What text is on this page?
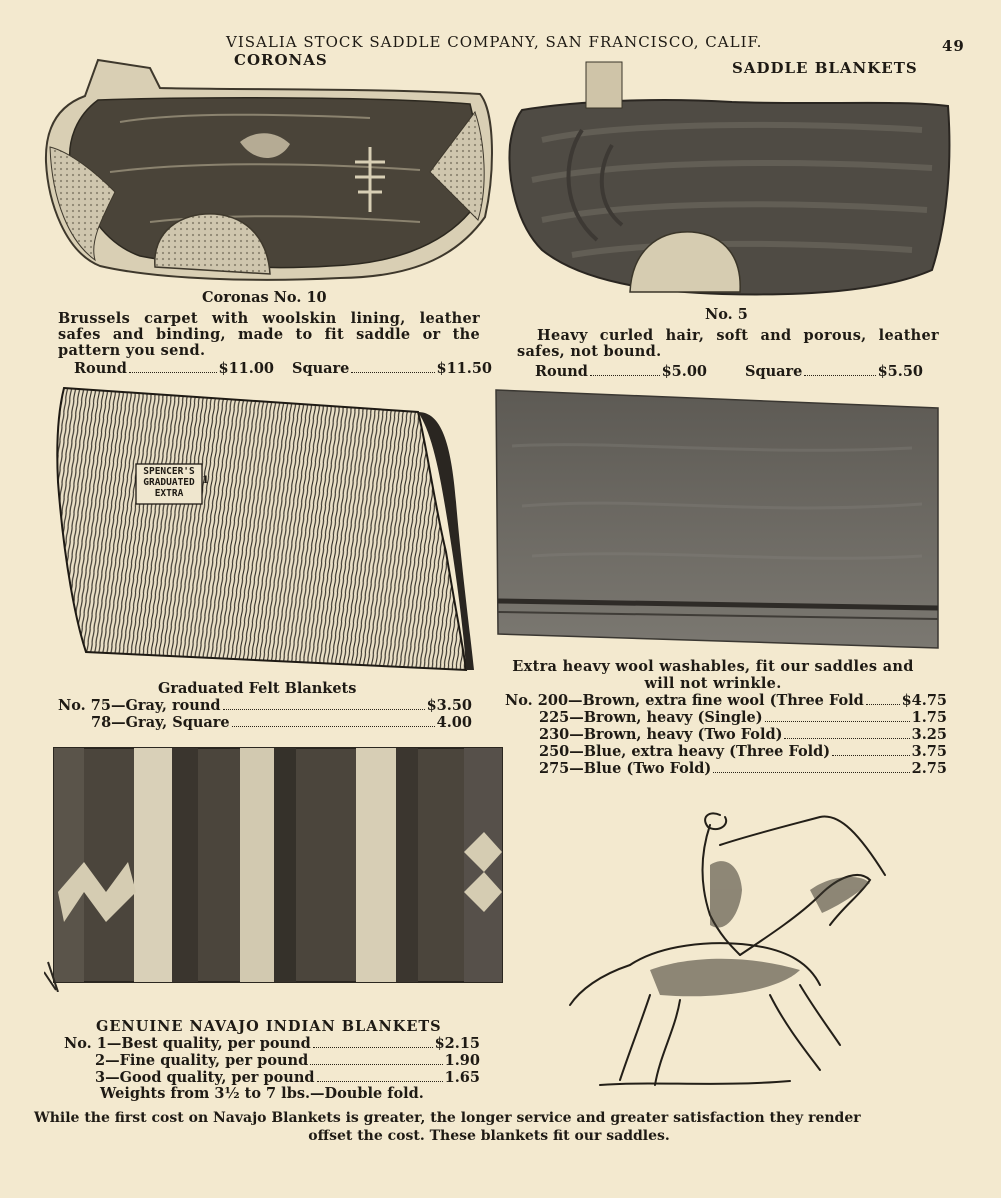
VISALIA STOCK SADDLE COMPANY, SAN FRANCISCO, CALIF.	49
CORONAS	SADDLE BLANKETS
Coronas No. 10
Brussels carpet with woolskin lining, leather safes and binding, made to fit saddle or the pattern you send.
Round	$11.00 Square	$11.50
No. 5
Heavy curled hair, soft and porous, leather safes, not bound.
Round	$5.00	Square	$5.50
SPENCER'S
GRADUATED
EXTRA
1
Graduated Felt Blankets
No. 75—Gray, round	$3.50
78—Gray, Square	4.00
Extra heavy wool washables, fit our saddles and
will not wrinkle.
No. 200—Brown, extra fine wool (Three Fold	$4.75
225—Brown, heavy (Single)	1.75
230—Brown, heavy (Two Fold)	3.25
250—Blue, extra heavy (Three Fold)	3.75
275—Blue (Two Fold)	2.75
GENUINE NAVAJO INDIAN BLANKETS
No. 1—Best quality, per pound	$2.15
2—Fine quality, per pound	1.90
3—Good quality, per pound	1.65
Weights from 3½ to 7 lbs.—Double fold.
While the first cost on Navajo Blankets is greater, the longer service and greater satisfaction they render
offset the cost. These blankets fit our saddles.
